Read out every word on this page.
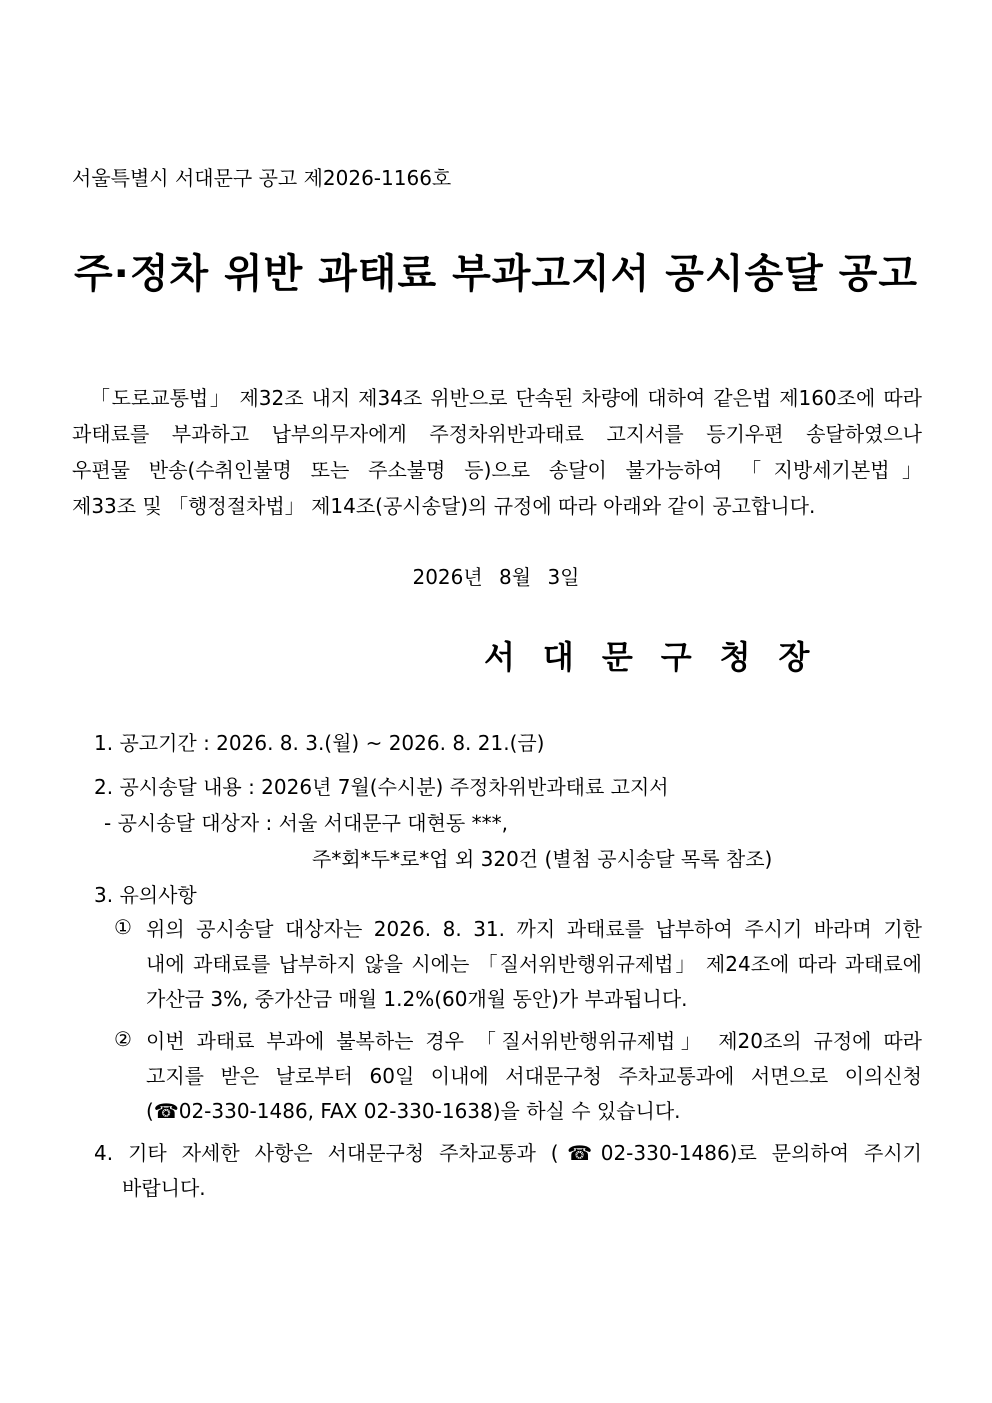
서울특별시 서대문구 공고 제2026-1166호
주·정차 위반 과태료 부과고지서 공시송달 공고
「도로교통법」 제32조 내지 제34조 위반으로 단속된 차량에 대하여 같은법 제160조에 따라
과태료를 부과하고 납부의무자에게 주정차위반과태료 고지서를 등기우편 송달하였으나
우편물 반송(수취인불명 또는 주소불명 등)으로 송달이 불가능하여 「지방세기본법」
제33조 및 「행정절차법」 제14조(공시송달)의 규정에 따라 아래와 같이 공고합니다.
2026년 8월 3일
서대문구청장
1. 공고기간 : 2026. 8. 3.(월) ~ 2026. 8. 21.(금)
2. 공시송달 내용 : 2026년 7월(수시분) 주정차위반과태료 고지서
- 공시송달 대상자 : 서울 서대문구 대현동 ***,
주*회*두*로*업 외 320건 (별첨 공시송달 목록 참조)
3. 유의사항
① 위의 공시송달 대상자는 2026. 8. 31. 까지 과태료를 납부하여 주시기 바라며 기한
내에 과태료를 납부하지 않을 시에는 「질서위반행위규제법」 제24조에 따라 과태료에
가산금 3%, 중가산금 매월 1.2%(60개월 동안)가 부과됩니다.
② 이번 과태료 부과에 불복하는 경우 「질서위반행위규제법」 제20조의 규정에 따라
고지를 받은 날로부터 60일 이내에 서대문구청 주차교통과에 서면으로 이의신청
(☎02-330-1486, FAX 02-330-1638)을 하실 수 있습니다.
4. 기타 자세한 사항은 서대문구청 주차교통과 (☎02-330-1486)로 문의하여 주시기
바랍니다.
